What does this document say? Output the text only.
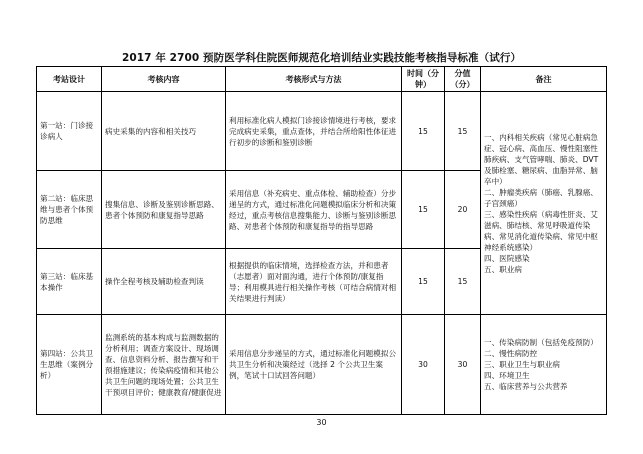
2017 年 2700 预防医学科住院医师规范化培训结业实践技能考核指导标准（试行）
考站设计	考核内容	考核形式与方法	时间（分钟）	分值（分）	备注
第一站：门诊接诊病人	病史采集的内容和相关技巧	利用标准化病人模拟门诊接诊情境进行考核，要求完成病史采集，重点查体，并结合所给阳性体征进行初步的诊断和鉴别诊断	15	15	一、内科相关疾病（常见心脏病急症、冠心病、高血压、慢性阻塞性肺疾病、支气管哮喘、肺炎、DVT 及肺栓塞、糖尿病、血脂异常、脑卒中）
二、肿瘤类疾病（肺癌、乳腺癌、子宫颈癌）
三、感染性疾病（病毒性肝炎、艾滋病、肺结核、常见呼吸道传染病、常见消化道传染病、常见中枢神经系统感染）
四、医院感染
五、职业病

第二站：临床思维与患者个体预防思维	搜集信息、诊断及鉴别诊断思路、患者个体预防和康复指导思路	采用信息（补充病史、重点体检、辅助检查）分步递呈的方式，通过标准化问题模拟临床分析和决策经过，重点考核信息搜集能力、诊断与鉴别诊断思路、对患者个体预防和康复指导的指导思路	15	20	
第三站：临床基本操作	操作全程考核及辅助检查判读	根据提供的临床情境，选择检查方法，并和患者（志愿者）面对面沟通，进行个体预防/康复指导；利用模具进行相关操作考核（可结合病情对相关结果进行判读）	15	15	
第四站：公共卫生思维（案例分析）	监测系统的基本构成与监测数据的分析利用；调查方案设计、现场调查、信息资料分析、报告撰写和干预措施建议；传染病疫情和其他公共卫生问题的现场处置；公共卫生干预项目评价；健康教育/健康促进	采用信息分步递呈的方式，通过标准化问题模拟公共卫生分析和决策经过（选择 2 个公共卫生案例，笔试十口试回答问题）	30	30	一、传染病防制（包括免疫预防）
二、慢性病防控
三、职业卫生与职业病
四、环境卫生
五、临床营养与公共营养
30
